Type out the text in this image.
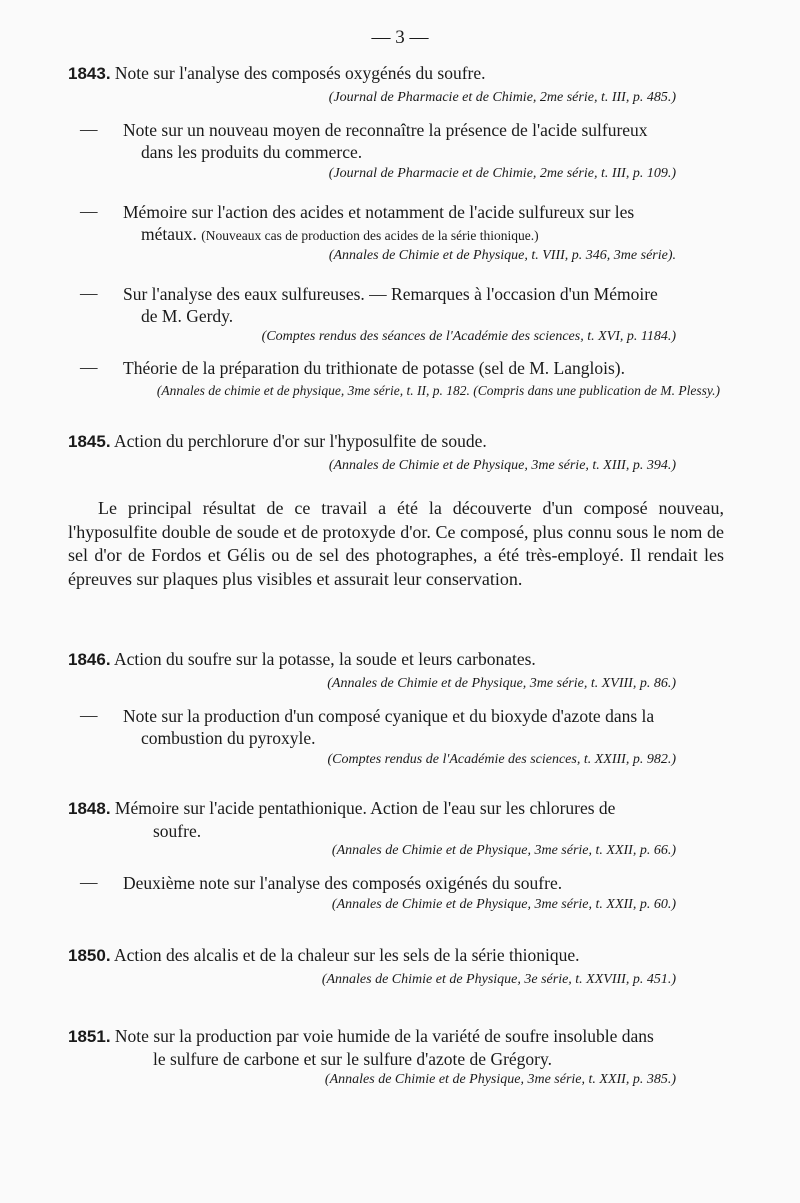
— 3 —
1843. Note sur l'analyse des composés oxygénés du soufre.
(Journal de Pharmacie et de Chimie, 2me série, t. III, p. 485.)
— Note sur un nouveau moyen de reconnaître la présence de l'acide sulfureux
dans les produits du commerce.
(Journal de Pharmacie et de Chimie, 2me série, t. III, p. 109.)
— Mémoire sur l'action des acides et notamment de l'acide sulfureux sur les
métaux. (Nouveaux cas de production des acides de la série thionique.)
(Annales de Chimie et de Physique, t. VIII, p. 346, 3me série).
— Sur l'analyse des eaux sulfureuses. — Remarques à l'occasion d'un Mémoire
de M. Gerdy.
(Comptes rendus des séances de l'Académie des sciences, t. XVI, p. 1184.)
— Théorie de la préparation du trithionate de potasse (sel de M. Langlois).
(Annales de chimie et de physique, 3me série, t. II, p. 182. (Compris dans une publication de M. Plessy.)
1845. Action du perchlorure d'or sur l'hyposulfite de soude.
(Annales de Chimie et de Physique, 3me série, t. XIII, p. 394.)
Le principal résultat de ce travail a été la découverte d'un composé nouveau, l'hyposulfite double de soude et de protoxyde d'or. Ce composé, plus connu sous le nom de sel d'or de Fordos et Gélis ou de sel des photographes, a été très-employé. Il rendait les épreuves sur plaques plus visibles et assurait leur conservation.
1846. Action du soufre sur la potasse, la soude et leurs carbonates.
(Annales de Chimie et de Physique, 3me série, t. XVIII, p. 86.)
— Note sur la production d'un composé cyanique et du bioxyde d'azote dans la
combustion du pyroxyle.
(Comptes rendus de l'Académie des sciences, t. XXIII, p. 982.)
1848. Mémoire sur l'acide pentathionique. Action de l'eau sur les chlorures de
soufre.
(Annales de Chimie et de Physique, 3me série, t. XXII, p. 66.)
— Deuxième note sur l'analyse des composés oxigénés du soufre.
(Annales de Chimie et de Physique, 3me série, t. XXII, p. 60.)
1850. Action des alcalis et de la chaleur sur les sels de la série thionique.
(Annales de Chimie et de Physique, 3e série, t. XXVIII, p. 451.)
1851. Note sur la production par voie humide de la variété de soufre insoluble dans
le sulfure de carbone et sur le sulfure d'azote de Grégory.
(Annales de Chimie et de Physique, 3me série, t. XXII, p. 385.)
